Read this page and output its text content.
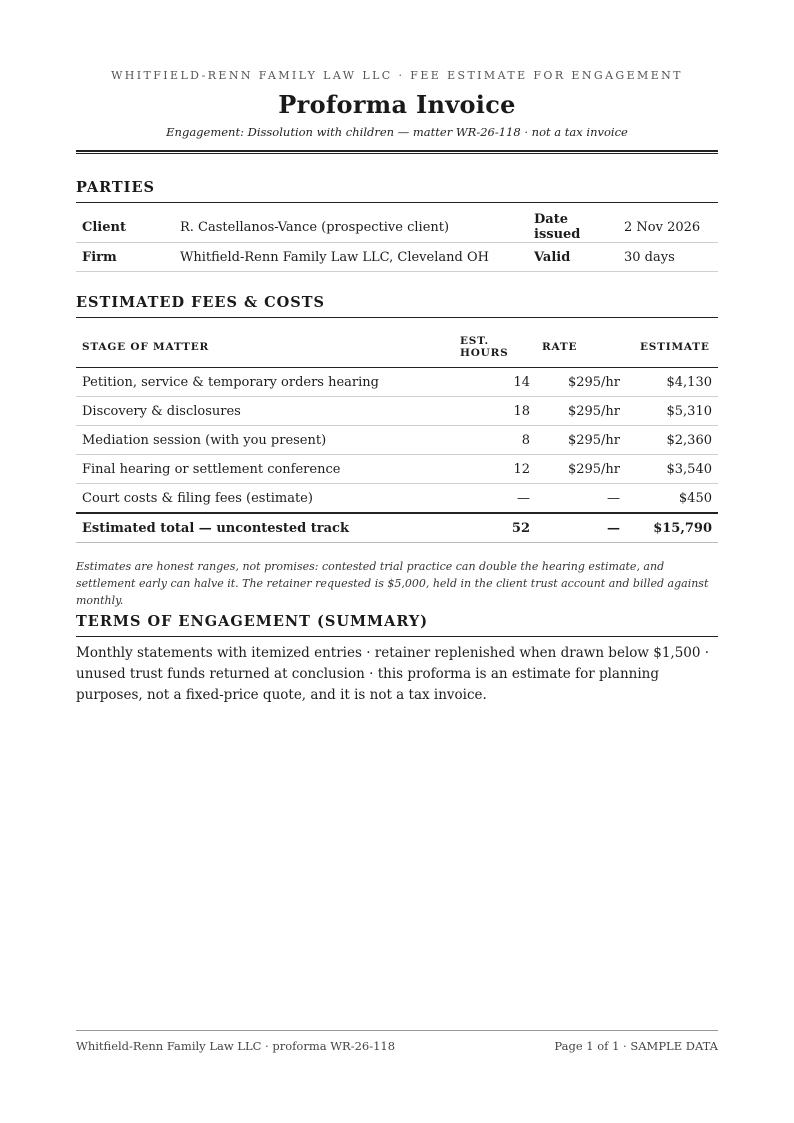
WHITFIELD-RENN FAMILY LAW LLC · FEE ESTIMATE FOR ENGAGEMENT
Proforma Invoice
Engagement: Dissolution with children — matter WR-26-118 · not a tax invoice
PARTIES
Client	R. Castellanos-Vance (prospective client)	Date issued	2 Nov 2026
Firm	Whitfield-Renn Family Law LLC, Cleveland OH	Valid	30 days
ESTIMATED FEES & COSTS
STAGE OF MATTER	EST. HOURS	RATE	ESTIMATE
Petition, service & temporary orders hearing	14	$295/hr	$4,130
Discovery & disclosures	18	$295/hr	$5,310
Mediation session (with you present)	8	$295/hr	$2,360
Final hearing or settlement conference	12	$295/hr	$3,540
Court costs & filing fees (estimate)	—	—	$450
Estimated total — uncontested track	52	—	$15,790
Estimates are honest ranges, not promises: contested trial practice can double the hearing estimate, and settlement early can halve it. The retainer requested is $5,000, held in the client trust account and billed against monthly.
TERMS OF ENGAGEMENT (SUMMARY)
Monthly statements with itemized entries · retainer replenished when drawn below $1,500 · unused trust funds returned at conclusion · this proforma is an estimate for planning purposes, not a fixed-price quote, and it is not a tax invoice.
Whitfield-Renn Family Law LLC · proforma WR-26-118	Page 1 of 1 · SAMPLE DATA
